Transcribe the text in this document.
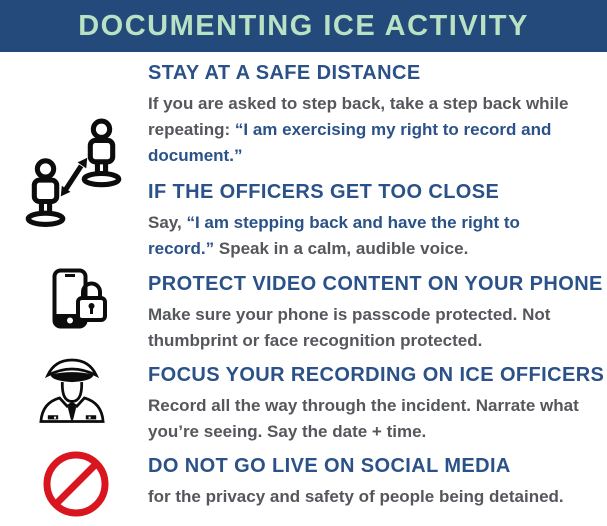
DOCUMENTING ICE ACTIVITY
STAY AT A SAFE DISTANCE

If you are asked to step back, take a step back while repeating: “I am exercising my right to record and document.”

IF THE OFFICERS GET TOO CLOSE

Say, “I am stepping back and have the right to record.” Speak in a calm, audible voice.

PROTECT VIDEO CONTENT ON YOUR PHONE

Make sure your phone is passcode protected. Not thumbprint or face recognition protected.

FOCUS YOUR RECORDING ON ICE OFFICERS

Record all the way through the incident. Narrate what you’re seeing. Say the date + time.

DO NOT GO LIVE ON SOCIAL MEDIA

for the privacy and safety of people being detained.
